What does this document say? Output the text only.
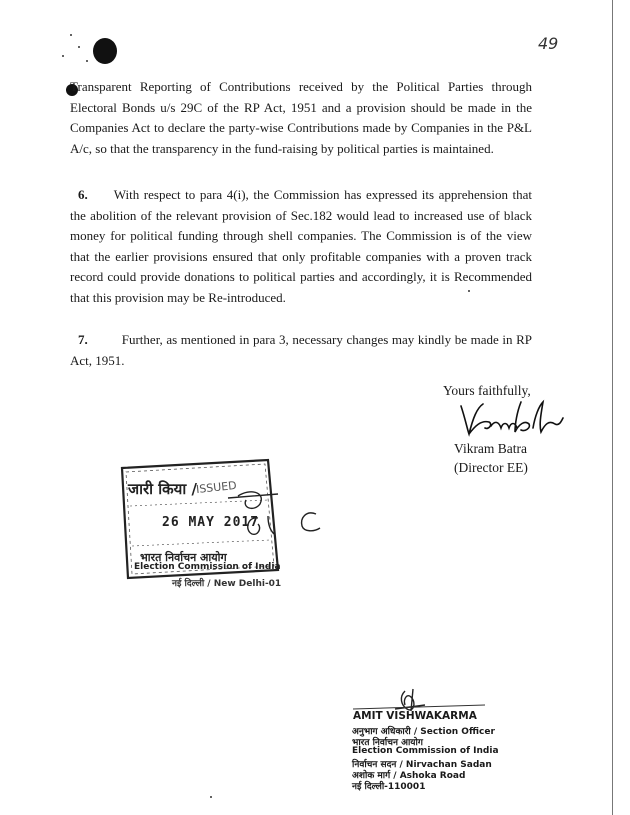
49

Transparent Reporting of Contributions received by the Political Parties through Electoral Bonds u/s 29C of the RP Act, 1951 and a provision should be made in the Companies Act to declare the party-wise Contributions made by Companies in the P&L A/c, so that the transparency in the fund-raising by political parties is maintained.

6. With respect to para 4(i), the Commission has expressed its apprehension that the abolition of the relevant provision of Sec.182 would lead to increased use of black money for political funding through shell companies. The Commission is of the view that the earlier provisions ensured that only profitable companies with a proven track record could provide donations to political parties and accordingly, it is Recommended that this provision may be Re-introduced.

7.	Further, as mentioned in para 3, necessary changes may kindly be made in RP Act, 1951.

Yours faithfully,
Vikram Batra
(Director EE)
जारी किया /
ISSUED
26 MAY 2017
भारत निर्वाचन आयोग
Election Commission of India
नई दिल्ली / New Delhi-01
AMIT VISHWAKARMA
अनुभाग अधिकारी / Section Officer
भारत निर्वाचन आयोग
Election Commission of India
निर्वाचन सदन / Nirvachan Sadan
अशोक मार्ग / Ashoka Road
नई दिल्ली-110001
